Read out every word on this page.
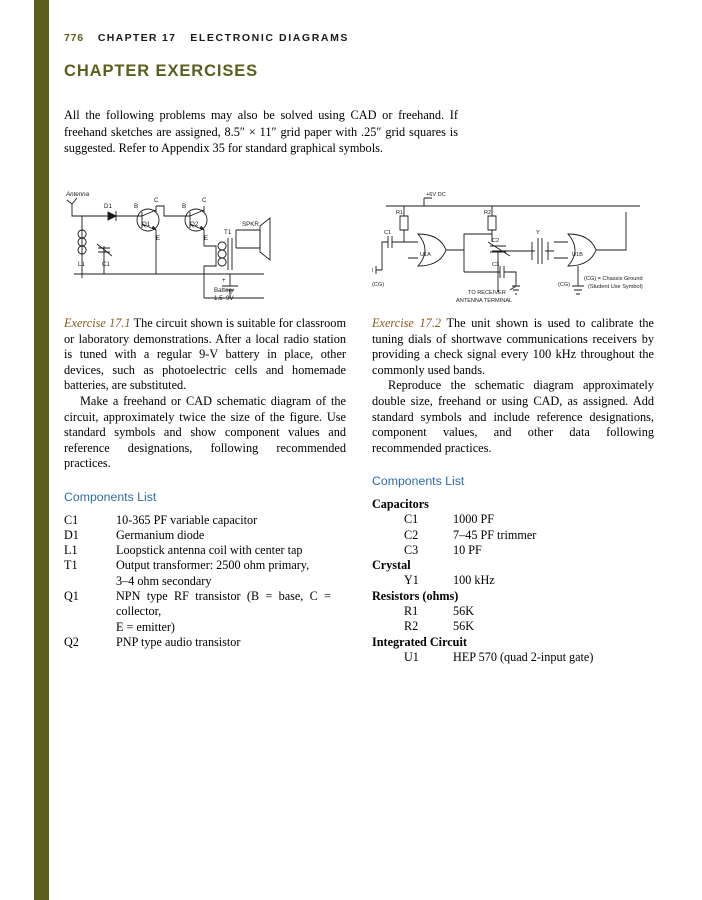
776 CHAPTER 17 ELECTRONIC DIAGRAMS
CHAPTER EXERCISES

All the following problems may also be solved using CAD or freehand. If freehand sketches are assigned, 8.5″ × 11″ grid paper with .25″ grid squares is suggested. Refer to Appendix 35 for standard graphical symbols.

Antenna
D1	B
C
Q1
E
B
C
Q2
E
T1
SPKR
L1	C1
+
Battery
1.5–9V
+6V DC
R1	R2
C1
U1A
C2
Y
U1B
C3
(CG)	(CG)
TO RECEIVER
ANTENNA TERMINAL
(CG) = Chassis Ground
(Student Use Symbol)

Exercise 17.1 The circuit shown is suitable for classroom or laboratory demonstrations. After a local radio station is tuned with a regular 9-V battery in place, other devices, such as photoelectric cells and homemade batteries, are substituted.

Make a freehand or CAD schematic diagram of the circuit, approximately twice the size of the figure. Use standard symbols and show component values and reference designations, following recommended practices.

Components List
C1	10-365 PF variable capacitor
D1	Germanium diode
L1	Loopstick antenna coil with center tap
T1	Output transformer: 2500 ohm primary,
	3–4 ohm secondary
Q1	NPN type RF transistor (B = base, C = collector,
	E = emitter)
Q2	PNP type audio transistor

Exercise 17.2 The unit shown is used to calibrate the tuning dials of shortwave communications receivers by providing a check signal every 100 kHz throughout the commonly used bands.

Reproduce the schematic diagram approximately double size, freehand or using CAD, as assigned. Add standard symbols and include reference designations, component values, and other data following recommended practices.

Components List
Capacitors	
C1	1000 PF
C2	7–45 PF trimmer
C3	10 PF
Crystal	
Y1	100 kHz
Resistors (ohms)	
R1	56K
R2	56K
Integrated Circuit	
U1	HEP 570 (quad 2-input gate)
